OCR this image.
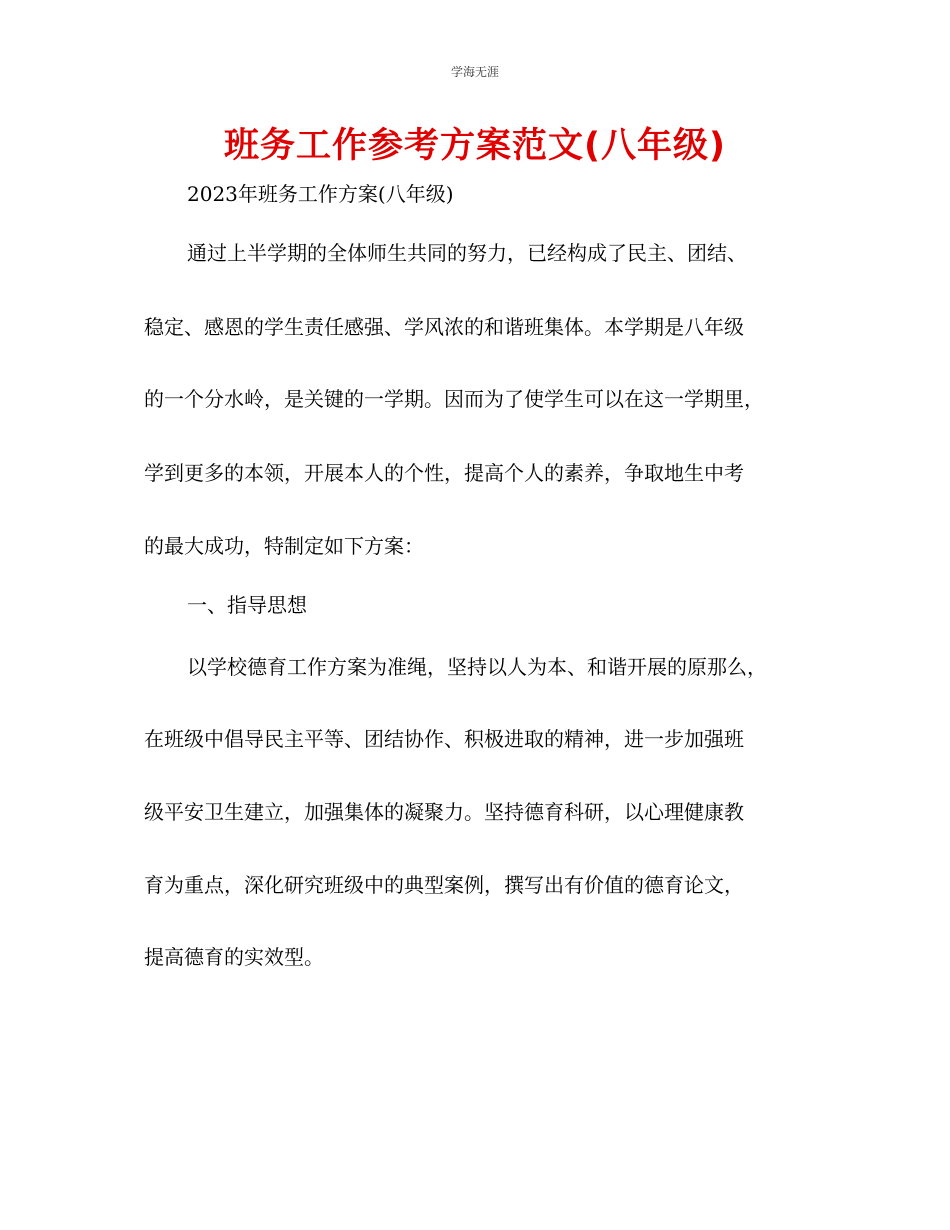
学海无涯
班务工作参考方案范文(八年级)
2023年班务工作方案(八年级)
通过上半学期的全体师生共同的努力，已经构成了民主、团结、
稳定、感恩的学生责任感强、学风浓的和谐班集体。本学期是八年级
的一个分水岭，是关键的一学期。因而为了使学生可以在这一学期里，
学到更多的本领，开展本人的个性，提高个人的素养，争取地生中考
的最大成功，特制定如下方案：
一、指导思想
以学校德育工作方案为准绳，坚持以人为本、和谐开展的原那么，
在班级中倡导民主平等、团结协作、积极进取的精神，进一步加强班
级平安卫生建立，加强集体的凝聚力。坚持德育科研，以心理健康教
育为重点，深化研究班级中的典型案例，撰写出有价值的德育论文，
提高德育的实效型。
